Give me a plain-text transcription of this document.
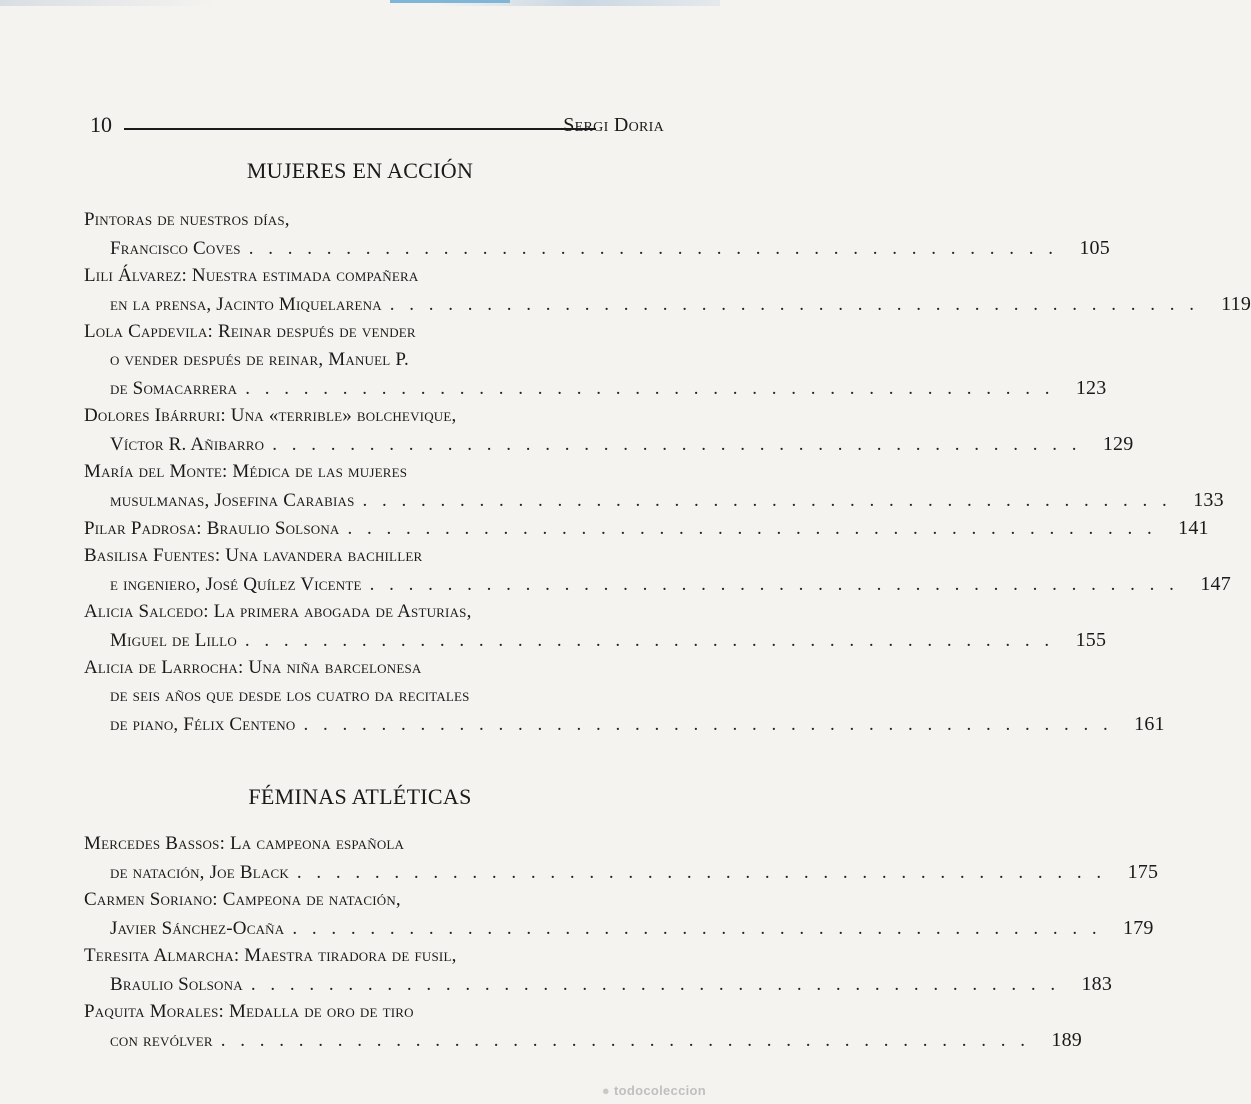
10	Sergi Doria
MUJERES EN ACCIÓN
Pintoras de nuestros días,
Francisco Coves . . . . . . . . . . . . . . . . . . . . . . . . . . . . . . . . . . . . . . . . . .	105
Lili Álvarez: Nuestra estimada compañera
en la prensa, Jacinto Miquelarena . . . . . . . . . . . . . . . . . . . . . . . . . . . . . . . . . . . . . . . . . .	119
Lola Capdevila: Reinar después de vender
o vender después de reinar, Manuel P.
de Somacarrera . . . . . . . . . . . . . . . . . . . . . . . . . . . . . . . . . . . . . . . . . .	123
Dolores Ibárruri: Una «terrible» bolchevique,
Víctor R. Añibarro . . . . . . . . . . . . . . . . . . . . . . . . . . . . . . . . . . . . . . . . . .	129
María del Monte: Médica de las mujeres
musulmanas, Josefina Carabias . . . . . . . . . . . . . . . . . . . . . . . . . . . . . . . . . . . . . . . . . .	133
Pilar Padrosa: Braulio Solsona . . . . . . . . . . . . . . . . . . . . . . . . . . . . . . . . . . . . . . . . . .	141
Basilisa Fuentes: Una lavandera bachiller
e ingeniero, José Quílez Vicente . . . . . . . . . . . . . . . . . . . . . . . . . . . . . . . . . . . . . . . . . .	147
Alicia Salcedo: La primera abogada de Asturias,
Miguel de Lillo . . . . . . . . . . . . . . . . . . . . . . . . . . . . . . . . . . . . . . . . . .	155
Alicia de Larrocha: Una niña barcelonesa
de seis años que desde los cuatro da recitales
de piano, Félix Centeno . . . . . . . . . . . . . . . . . . . . . . . . . . . . . . . . . . . . . . . . . .	161
FÉMINAS ATLÉTICAS
Mercedes Bassos: La campeona española
de natación, Joe Black . . . . . . . . . . . . . . . . . . . . . . . . . . . . . . . . . . . . . . . . . .	175
Carmen Soriano: Campeona de natación,
Javier Sánchez-Ocaña . . . . . . . . . . . . . . . . . . . . . . . . . . . . . . . . . . . . . . . . . .	179
Teresita Almarcha: Maestra tiradora de fusil,
Braulio Solsona . . . . . . . . . . . . . . . . . . . . . . . . . . . . . . . . . . . . . . . . . .	183
Paquita Morales: Medalla de oro de tiro
con revólver . . . . . . . . . . . . . . . . . . . . . . . . . . . . . . . . . . . . . . . . . .	189
● todocoleccion
